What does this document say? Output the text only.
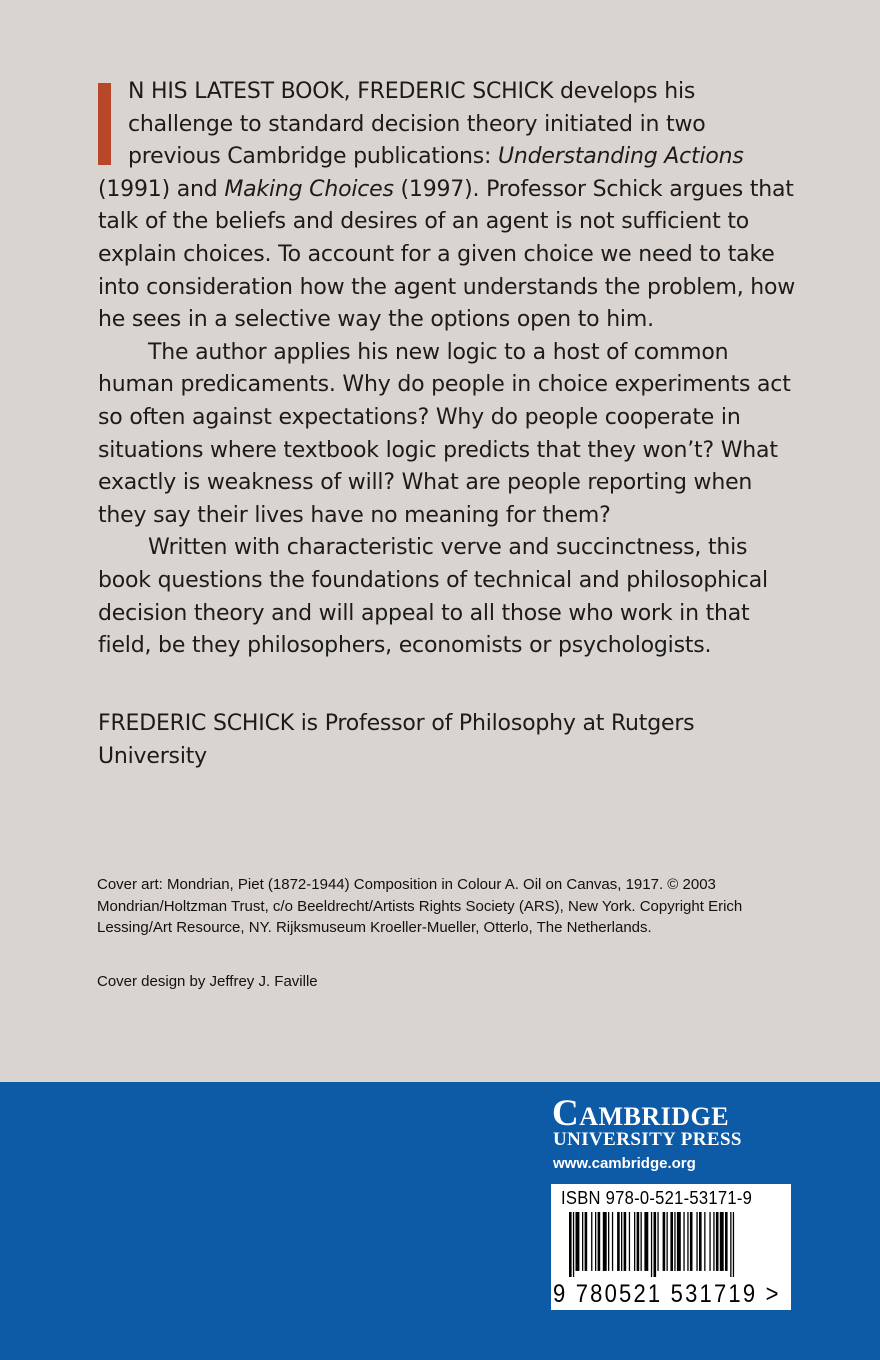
N HIS LATEST BOOK, FREDERIC SCHICK develops his
challenge to standard decision theory initiated in two
previous Cambridge publications: Understanding Actions
(1991) and Making Choices (1997). Professor Schick argues that talk of the beliefs and desires of an agent is not sufficient to explain choices. To account for a given choice we need to take into consideration how the agent understands the problem, how he sees in a selective way the options open to him.

The author applies his new logic to a host of common human predicaments. Why do people in choice experiments act so often against expectations? Why do people cooperate in situations where textbook logic predicts that they won’t? What exactly is weakness of will? What are people reporting when they say their lives have no meaning for them?

Written with characteristic verve and succinctness, this book questions the foundations of technical and philosophical decision theory and will appeal to all those who work in that field, be they philosophers, economists or psychologists.

FREDERIC SCHICK is Professor of Philosophy at Rutgers University
Cover art: Mondrian, Piet (1872-1944) Composition in Colour A. Oil on Canvas, 1917. © 2003 Mondrian/Holtzman Trust, c/o Beeldrecht/Artists Rights Society (ARS), New York. Copyright Erich Lessing/Art Resource, NY. Rijksmuseum Kroeller-Mueller, Otterlo, The Netherlands.
Cover design by Jeffrey J. Faville
Cambridge
UNIVERSITY PRESS
www.cambridge.org
ISBN 978-0-521-53171-9
9 780521 531719 >
